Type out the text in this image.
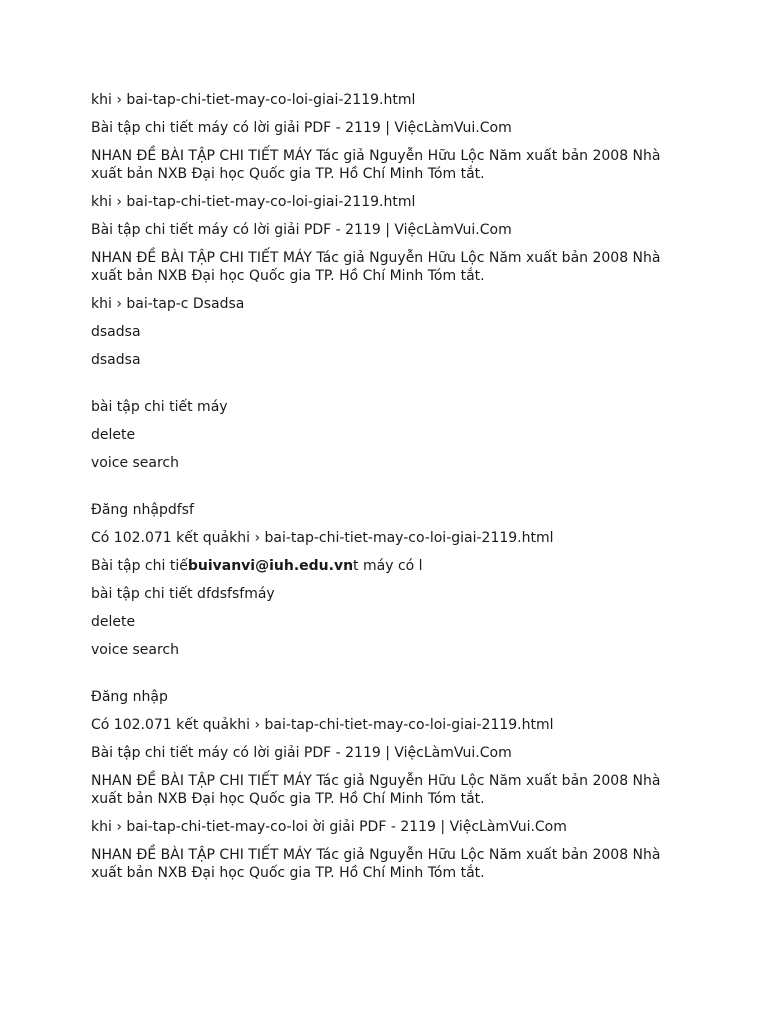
khi › bai-tap-chi-tiet-may-co-loi-giai-2119.html

Bài tập chi tiết máy có lời giải PDF - 2119 | ViệcLàmVui.Com

NHAN ĐỀ BÀI TẬP CHI TIẾT MÁY Tác giả Nguyễn Hữu Lộc Năm xuất bản 2008 Nhà xuất bản NXB Đại học Quốc gia TP. Hồ Chí Minh Tóm tắt.

khi › bai-tap-chi-tiet-may-co-loi-giai-2119.html

Bài tập chi tiết máy có lời giải PDF - 2119 | ViệcLàmVui.Com

NHAN ĐỀ BÀI TẬP CHI TIẾT MÁY Tác giả Nguyễn Hữu Lộc Năm xuất bản 2008 Nhà xuất bản NXB Đại học Quốc gia TP. Hồ Chí Minh Tóm tắt.

khi › bai-tap-c Dsadsa

dsadsa

dsadsa

bài tập chi tiết máy

delete

voice search

Đăng nhậpdfsf

Có 102.071 kết quảkhi › bai-tap-chi-tiet-may-co-loi-giai-2119.html

Bài tập chi tiếbuivanvi@iuh.edu.vnt máy có l

bài tập chi tiết dfdsfsfmáy

delete

voice search

Đăng nhập

Có 102.071 kết quảkhi › bai-tap-chi-tiet-may-co-loi-giai-2119.html

Bài tập chi tiết máy có lời giải PDF - 2119 | ViệcLàmVui.Com

NHAN ĐỀ BÀI TẬP CHI TIẾT MÁY Tác giả Nguyễn Hữu Lộc Năm xuất bản 2008 Nhà xuất bản NXB Đại học Quốc gia TP. Hồ Chí Minh Tóm tắt.

khi › bai-tap-chi-tiet-may-co-loi ời giải PDF - 2119 | ViệcLàmVui.Com

NHAN ĐỀ BÀI TẬP CHI TIẾT MÁY Tác giả Nguyễn Hữu Lộc Năm xuất bản 2008 Nhà xuất bản NXB Đại học Quốc gia TP. Hồ Chí Minh Tóm tắt.
